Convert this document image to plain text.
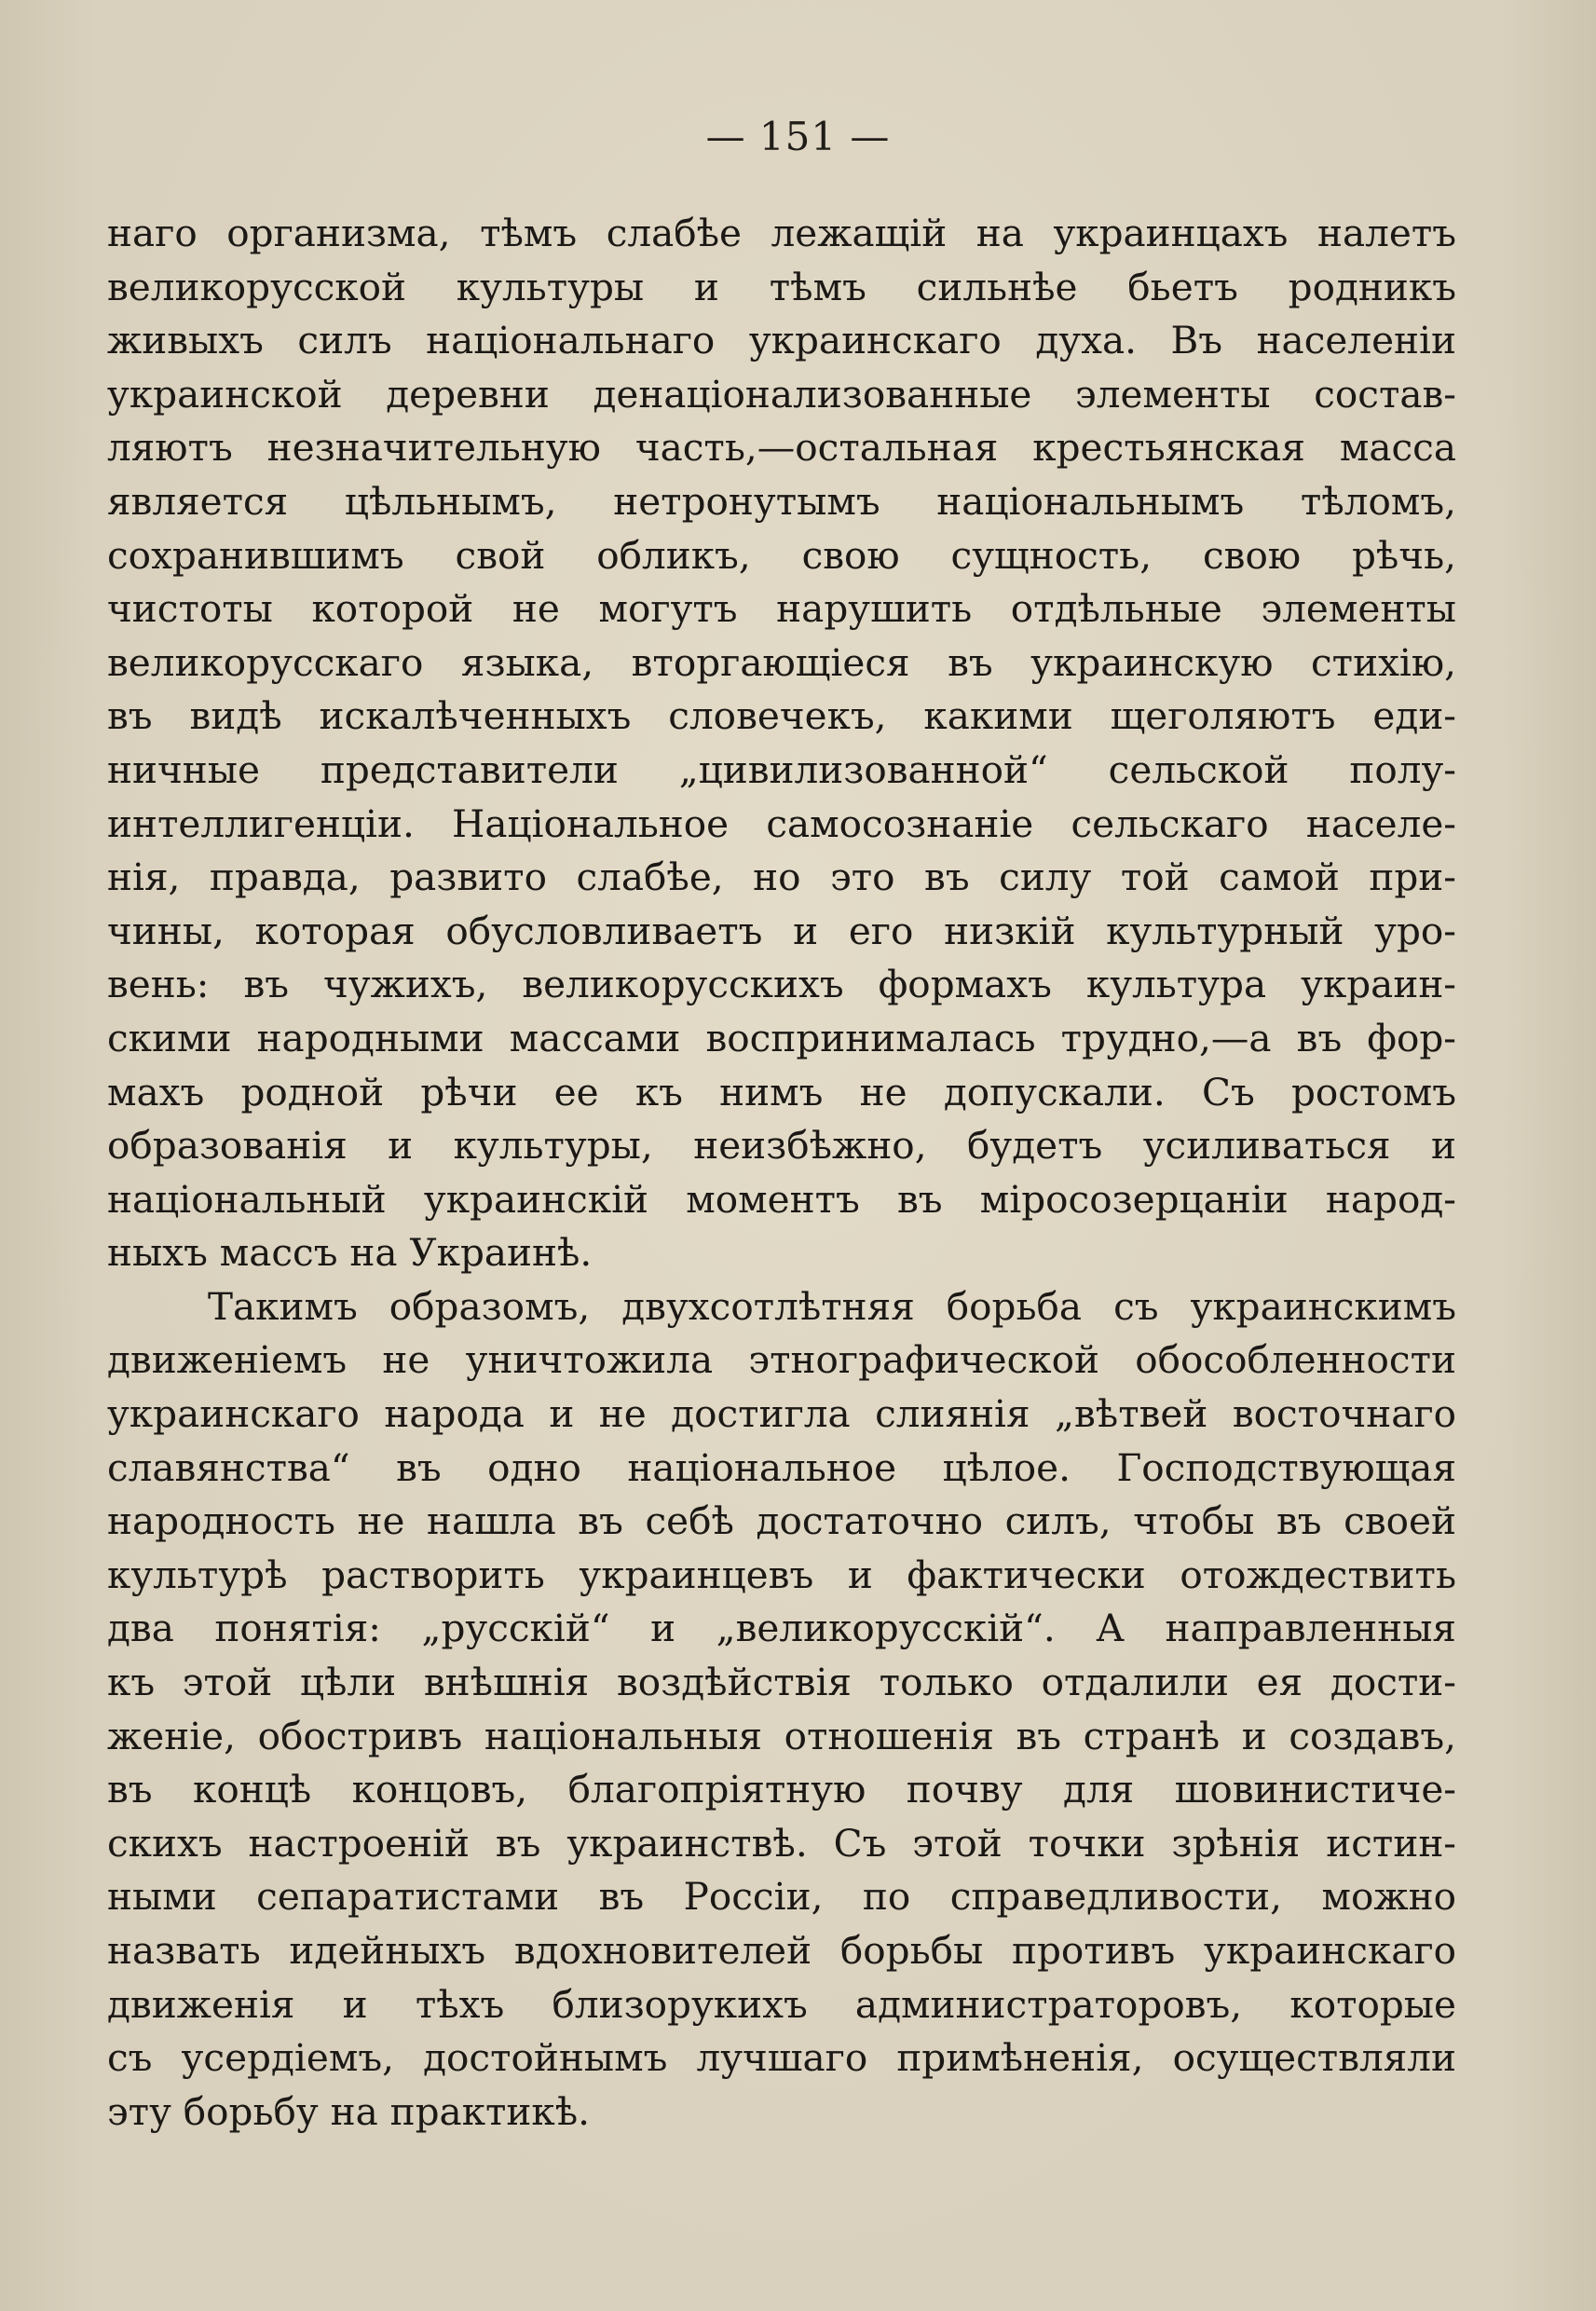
— 151 —
наго организма, тѣмъ слабѣе лежащій на украинцахъ налетъ
великорусской культуры и тѣмъ сильнѣе бьетъ родникъ
живыхъ силъ національнаго украинскаго духа. Въ населеніи
украинской деревни денаціонализованные элементы состав-
ляютъ незначительную часть,—остальная крестьянская масса
является цѣльнымъ, нетронутымъ національнымъ тѣломъ,
сохранившимъ свой обликъ, свою сущность, свою рѣчь,
чистоты которой не могутъ нарушить отдѣльные элементы
великорусскаго языка, вторгающіеся въ украинскую стихію,
въ видѣ искалѣченныхъ словечекъ, какими щеголяютъ еди-
ничные представители „цивилизованной“ сельской полу-
интеллигенціи. Національное самосознаніе сельскаго населе-
нія, правда, развито слабѣе, но это въ силу той самой при-
чины, которая обусловливаетъ и его низкій культурный уро-
вень: въ чужихъ, великорусскихъ формахъ культура украин-
скими народными массами воспринималась трудно,—а въ фор-
махъ родной рѣчи ее къ нимъ не допускали. Съ ростомъ
образованія и культуры, неизбѣжно, будетъ усиливаться и
національный украинскій моментъ въ міросозерцаніи народ-
ныхъ массъ на Украинѣ.
Такимъ образомъ, двухсотлѣтняя борьба съ украинскимъ
движеніемъ не уничтожила этнографической обособленности
украинскаго народа и не достигла слиянія „вѣтвей восточнаго
славянства“ въ одно національное цѣлое. Господствующая
народность не нашла въ себѣ достаточно силъ, чтобы въ своей
культурѣ растворить украинцевъ и фактически отождествить
два понятія: „русскій“ и „великорусскій“. А направленныя
къ этой цѣли внѣшнія воздѣйствія только отдалили ея дости-
женіе, обостривъ національныя отношенія въ странѣ и создавъ,
въ концѣ концовъ, благопріятную почву для шовинистиче-
скихъ настроеній въ украинствѣ. Съ этой точки зрѣнія истин-
ными сепаратистами въ Россіи, по справедливости, можно
назвать идейныхъ вдохновителей борьбы противъ украинскаго
движенія и тѣхъ близорукихъ администраторовъ, которые
съ усердіемъ, достойнымъ лучшаго примѣненія, осуществляли
эту борьбу на практикѣ.
